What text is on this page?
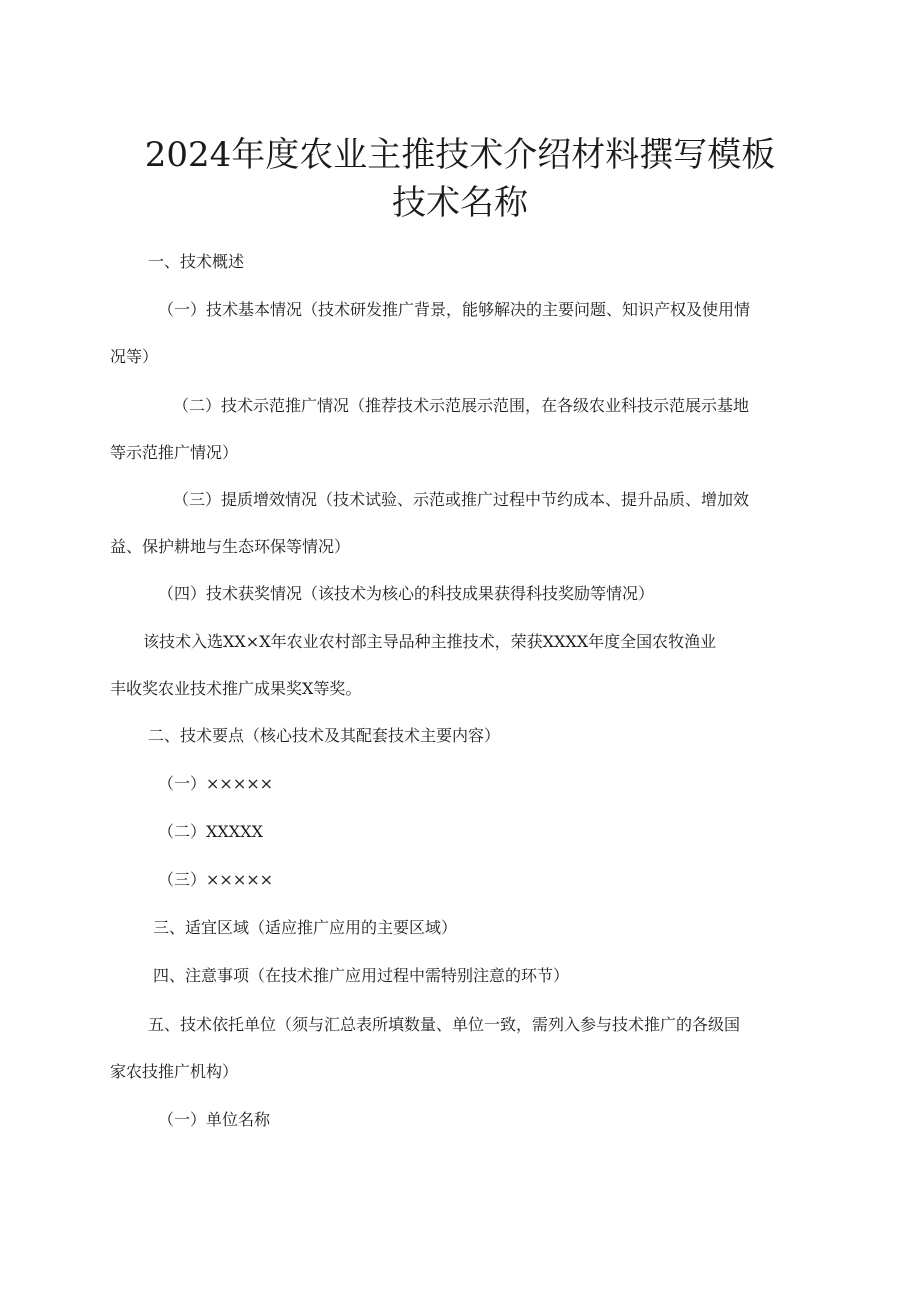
2024年度农业主推技术介绍材料撰写模板
技术名称
一、技术概述
（一）技术基本情况（技术研发推广背景，能够解决的主要问题、知识产权及使用情
况等）
（二）技术示范推广情况（推荐技术示范展示范围，在各级农业科技示范展示基地
等示范推广情况）
（三）提质增效情况（技术试验、示范或推广过程中节约成本、提升品质、增加效
益、保护耕地与生态环保等情况）
（四）技术获奖情况（该技术为核心的科技成果获得科技奖励等情况）
该技术入选XX×X年农业农村部主导品种主推技术，荣获XXXX年度全国农牧渔业
丰收奖农业技术推广成果奖X等奖。
二、技术要点（核心技术及其配套技术主要内容）
（一）×××××
（二）XXXXX
（三）×××××
三、适宜区域（适应推广应用的主要区域）
四、注意事项（在技术推广应用过程中需特别注意的环节）
五、技术依托单位（须与汇总表所填数量、单位一致，需列入参与技术推广的各级国
家农技推广机构）
（一）单位名称
